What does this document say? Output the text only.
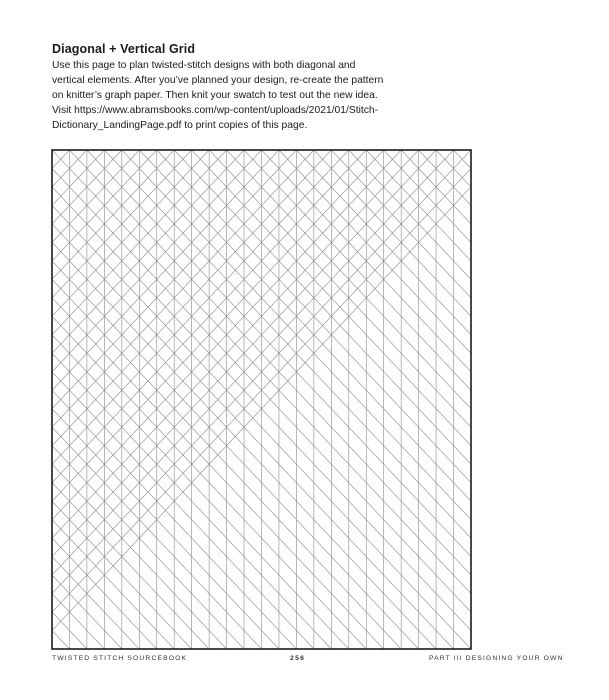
Diagonal + Vertical Grid
Use this page to plan twisted-stitch designs with both diagonal and
vertical elements. After you’ve planned your design, re-create the pattern
on knitter’s graph paper. Then knit your swatch to test out the new idea.
Visit https://www.abramsbooks.com/wp-content/uploads/2021/01/Stitch-
Dictionary_LandingPage.pdf to print copies of this page.
TWISTED STITCH SOURCEBOOK	256	PART III DESIGNING YOUR OWN
